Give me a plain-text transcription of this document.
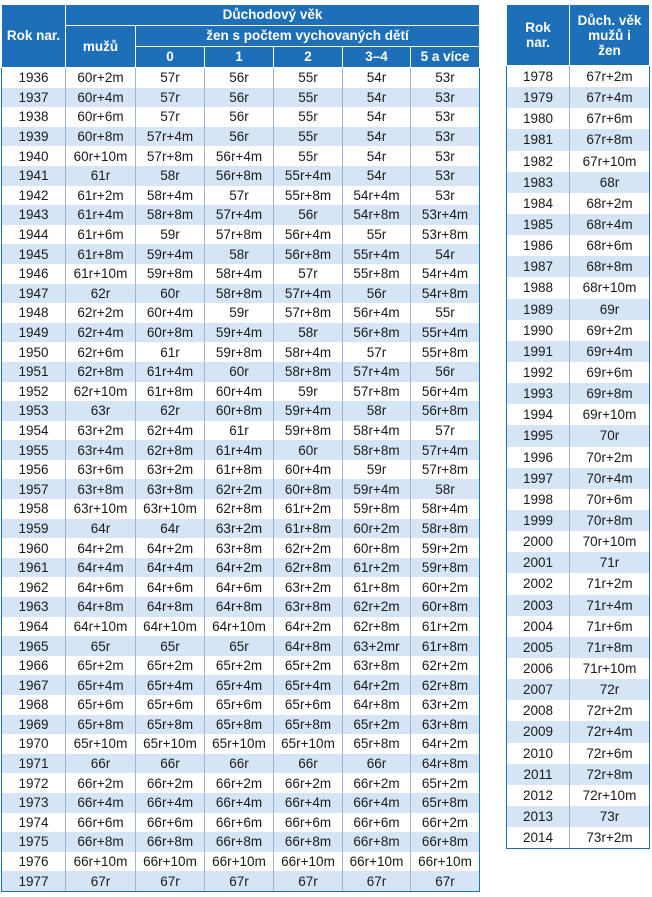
Rok nar.	Důchodový věk					
	mužů	žen s počtem vychovaných dětí				
		0	1	2	3–4	5 a více
1936	60r+2m	57r	56r	55r	54r	53r
1937	60r+4m	57r	56r	55r	54r	53r
1938	60r+6m	57r	56r	55r	54r	53r
1939	60r+8m	57r+4m	56r	55r	54r	53r
1940	60r+10m	57r+8m	56r+4m	55r	54r	53r
1941	61r	58r	56r+8m	55r+4m	54r	53r
1942	61r+2m	58r+4m	57r	55r+8m	54r+4m	53r
1943	61r+4m	58r+8m	57r+4m	56r	54r+8m	53r+4m
1944	61r+6m	59r	57r+8m	56r+4m	55r	53r+8m
1945	61r+8m	59r+4m	58r	56r+8m	55r+4m	54r
1946	61r+10m	59r+8m	58r+4m	57r	55r+8m	54r+4m
1947	62r	60r	58r+8m	57r+4m	56r	54r+8m
1948	62r+2m	60r+4m	59r	57r+8m	56r+4m	55r
1949	62r+4m	60r+8m	59r+4m	58r	56r+8m	55r+4m
1950	62r+6m	61r	59r+8m	58r+4m	57r	55r+8m
1951	62r+8m	61r+4m	60r	58r+8m	57r+4m	56r
1952	62r+10m	61r+8m	60r+4m	59r	57r+8m	56r+4m
1953	63r	62r	60r+8m	59r+4m	58r	56r+8m
1954	63r+2m	62r+4m	61r	59r+8m	58r+4m	57r
1955	63r+4m	62r+8m	61r+4m	60r	58r+8m	57r+4m
1956	63r+6m	63r+2m	61r+8m	60r+4m	59r	57r+8m
1957	63r+8m	63r+8m	62r+2m	60r+8m	59r+4m	58r
1958	63r+10m	63r+10m	62r+8m	61r+2m	59r+8m	58r+4m
1959	64r	64r	63r+2m	61r+8m	60r+2m	58r+8m
1960	64r+2m	64r+2m	63r+8m	62r+2m	60r+8m	59r+2m
1961	64r+4m	64r+4m	64r+2m	62r+8m	61r+2m	59r+8m
1962	64r+6m	64r+6m	64r+6m	63r+2m	61r+8m	60r+2m
1963	64r+8m	64r+8m	64r+8m	63r+8m	62r+2m	60r+8m
1964	64r+10m	64r+10m	64r+10m	64r+2m	62r+8m	61r+2m
1965	65r	65r	65r	64r+8m	63+2mr	61r+8m
1966	65r+2m	65r+2m	65r+2m	65r+2m	63r+8m	62r+2m
1967	65r+4m	65r+4m	65r+4m	65r+4m	64r+2m	62r+8m
1968	65r+6m	65r+6m	65r+6m	65r+6m	64r+8m	63r+2m
1969	65r+8m	65r+8m	65r+8m	65r+8m	65r+2m	63r+8m
1970	65r+10m	65r+10m	65r+10m	65r+10m	65r+8m	64r+2m
1971	66r	66r	66r	66r	66r	64r+8m
1972	66r+2m	66r+2m	66r+2m	66r+2m	66r+2m	65r+2m
1973	66r+4m	66r+4m	66r+4m	66r+4m	66r+4m	65r+8m
1974	66r+6m	66r+6m	66r+6m	66r+6m	66r+6m	66r+2m
1975	66r+8m	66r+8m	66r+8m	66r+8m	66r+8m	66r+8m
1976	66r+10m	66r+10m	66r+10m	66r+10m	66r+10m	66r+10m
1977	67r	67r	67r	67r	67r	67r
Rok nar.	Důch. věk mužů i žen
1978	67r+2m
1979	67r+4m
1980	67r+6m
1981	67r+8m
1982	67r+10m
1983	68r
1984	68r+2m
1985	68r+4m
1986	68r+6m
1987	68r+8m
1988	68r+10m
1989	69r
1990	69r+2m
1991	69r+4m
1992	69r+6m
1993	69r+8m
1994	69r+10m
1995	70r
1996	70r+2m
1997	70r+4m
1998	70r+6m
1999	70r+8m
2000	70r+10m
2001	71r
2002	71r+2m
2003	71r+4m
2004	71r+6m
2005	71r+8m
2006	71r+10m
2007	72r
2008	72r+2m
2009	72r+4m
2010	72r+6m
2011	72r+8m
2012	72r+10m
2013	73r
2014	73r+2m
